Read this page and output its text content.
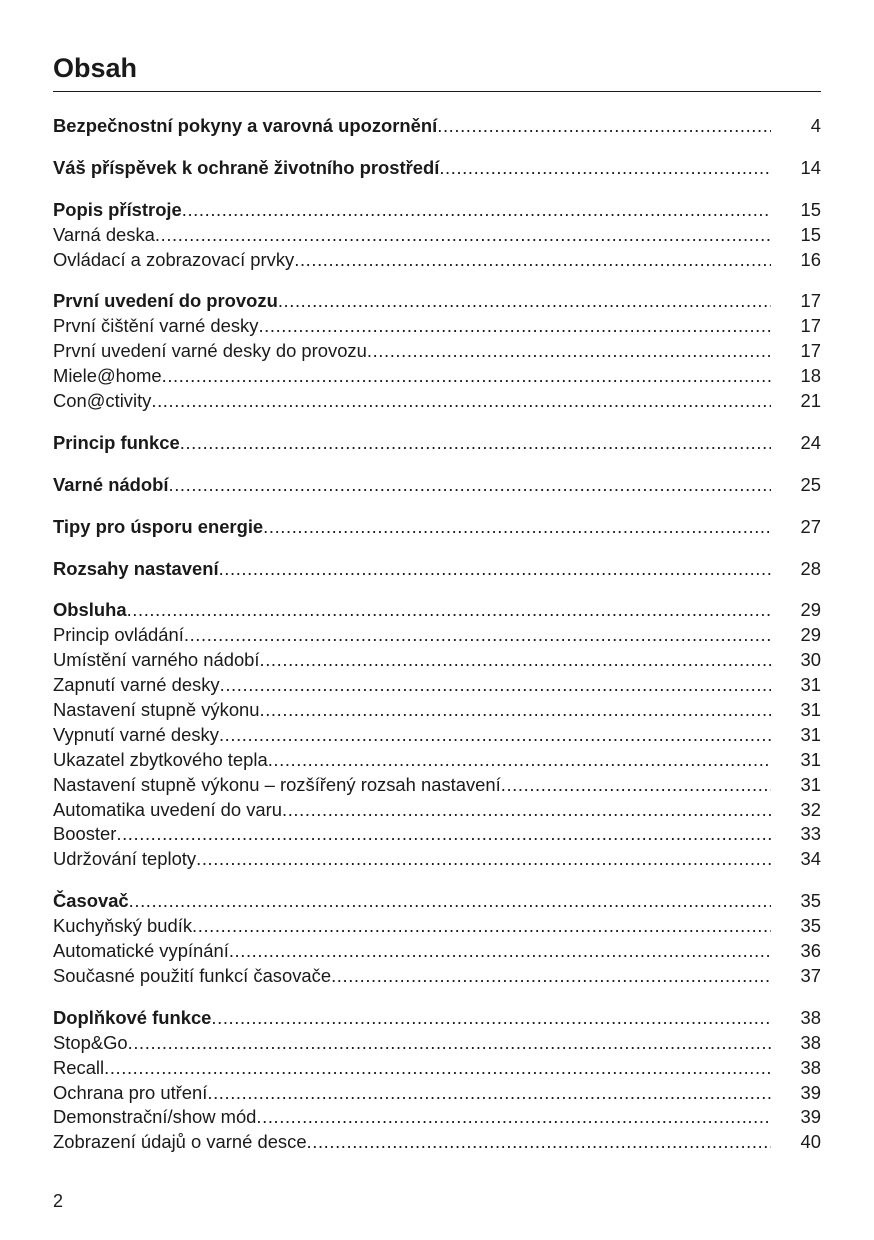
Obsah
Bezpečnostní pokyny a varovná upozornění .....	4
Váš příspěvek k ochraně životního prostředí .....	14
Popis přístroje .....	15
Varná deska .....	15
Ovládací a zobrazovací prvky .....	16
První uvedení do provozu .....	17
První čištění varné desky .....	17
První uvedení varné desky do provozu .....	17
Miele@home .....	18
Con@ctivity .....	21
Princip funkce .....	24
Varné nádobí .....	25
Tipy pro úsporu energie .....	27
Rozsahy nastavení .....	28
Obsluha .....	29
Princip ovládání .....	29
Umístění varného nádobí .....	30
Zapnutí varné desky .....	31
Nastavení stupně výkonu .....	31
Vypnutí varné desky .....	31
Ukazatel zbytkového tepla .....	31
Nastavení stupně výkonu – rozšířený rozsah nastavení .....	31
Automatika uvedení do varu .....	32
Booster .....	33
Udržování teploty .....	34
Časovač .....	35
Kuchyňský budík .....	35
Automatické vypínání .....	36
Současné použití funkcí časovače .....	37
Doplňkové funkce .....	38
Stop&Go .....	38
Recall .....	38
Ochrana pro utření .....	39
Demonstrační/show mód .....	39
Zobrazení údajů o varné desce .....	40
2
